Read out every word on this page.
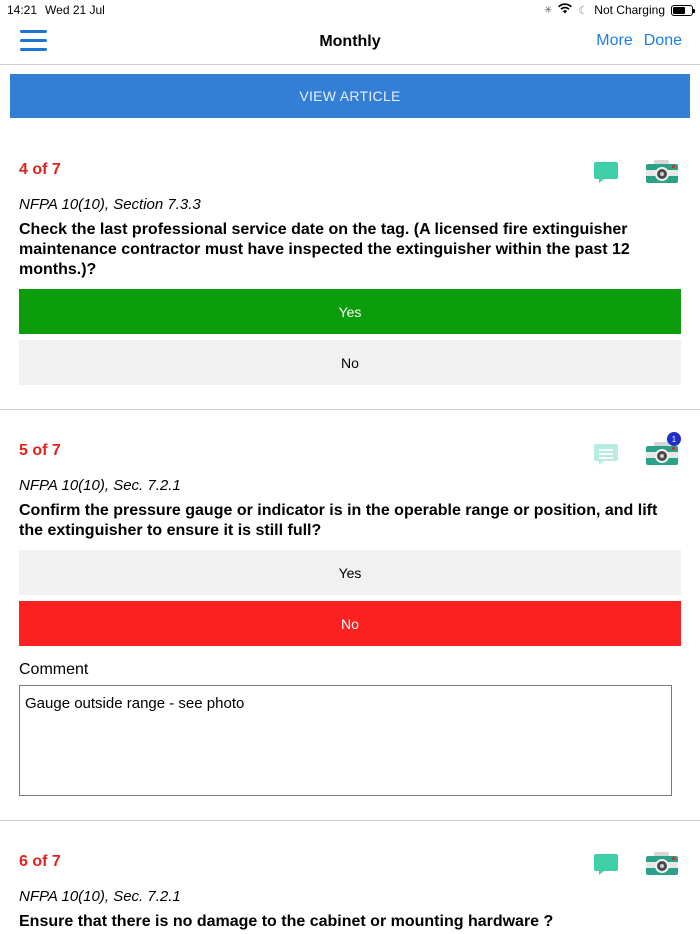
14:21 Wed 21 Jul	✳ ☾ Not Charging
Monthly	More Done
VIEW ARTICLE
4 of 7
NFPA 10(10), Section 7.3.3
Check the last professional service date on the tag. (A licensed fire extinguisher maintenance contractor must have inspected the extinguisher within the past 12 months.)?
Yes
No
5 of 7
1
NFPA 10(10), Sec. 7.2.1
Confirm the pressure gauge or indicator is in the operable range or position, and lift the extinguisher to ensure it is still full?
Yes
No
Comment
Gauge outside range - see photo
6 of 7
NFPA 10(10), Sec. 7.2.1
Ensure that there is no damage to the cabinet or mounting hardware ?
